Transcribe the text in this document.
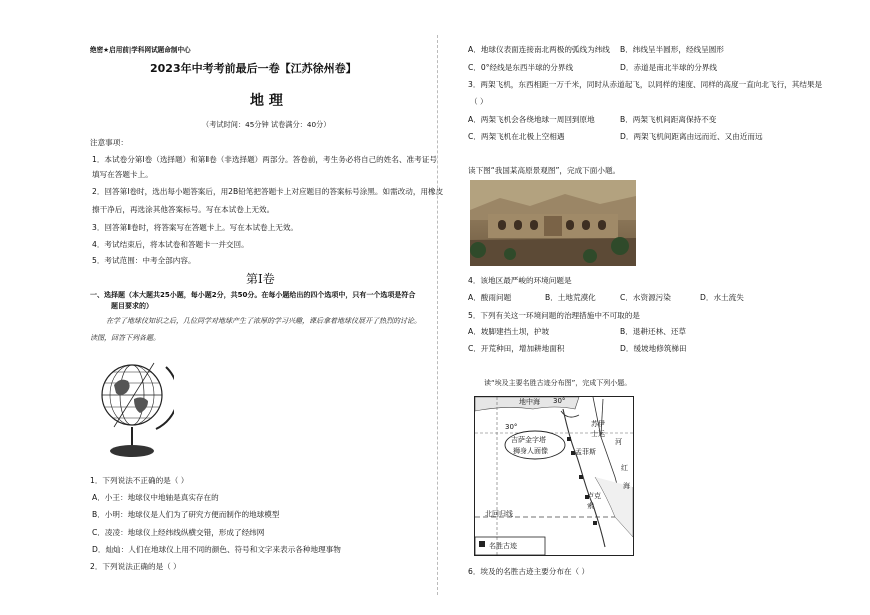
绝密★启用前|学科网试题命制中心
2023年中考考前最后一卷【江苏徐州卷】
地 理
（考试时间：45分钟 试卷满分：40分）
注意事项：
1．本试卷分第Ⅰ卷（选择题）和第Ⅱ卷（非选择题）两部分。答卷前，考生务必将自己的姓名、准考证号
填写在答题卡上。
2．回答第Ⅰ卷时，选出每小题答案后，用2B铅笔把答题卡上对应题目的答案标号涂黑。如需改动，用橡皮
擦干净后，再选涂其他答案标号。写在本试卷上无效。
3．回答第Ⅱ卷时，将答案写在答题卡上。写在本试卷上无效。
4．考试结束后，将本试卷和答题卡一并交回。
5．考试范围：中考全部内容。
第Ⅰ卷
一、选择题（本大题共25小题，每小题2分，共50分。在每小题给出的四个选项中，只有一个选项是符合
题目要求的）
在学了地球仪知识之后，几位同学对地球产生了浓厚的学习兴趣，课后拿着地球仪展开了热烈的讨论。
读图，回答下列各题。
1．下列说法不正确的是（ ）
A．小王：地球仪中地轴是真实存在的
B．小明：地球仪是人们为了研究方便而制作的地球模型
C．凌凌：地球仪上经纬线纵横交错，形成了经纬网
D．灿灿：人们在地球仪上用不同的颜色、符号和文字来表示各种地理事物
2．下列说法正确的是（ ）
A．地球仪表面连接南北两极的弧线为纬线 B．纬线呈半圆形，经线呈圆形
C．0°经线是东西半球的分界线	D．赤道是南北半球的分界线
3．两架飞机，东西相距一万千米，同时从赤道起飞，以同样的速度、同样的高度一直向北飞行，其结果是
（ ）
A．两架飞机会各绕地球一周回到原地	B．两架飞机间距离保持不变
C．两架飞机在北极上空相遇	D．两架飞机间距离由远而近、又由近而远
读下图“我国某高原景观图”，完成下面小题。
4．该地区最严峻的环境问题是
A．酸雨问题	B．土地荒漠化	C．水资源污染	D．水土流失
5．下列有关这一环境问题的治理措施中不可取的是
A．坡脚建挡土坝，护坡	B．退耕还林、还草
C．开荒种田，增加耕地面积	D．缓坡地修筑梯田
读“埃及主要名胜古迹分布图”，完成下列小题。
地中海 30°
30°	苏伊士运
河
吉萨金字塔
狮身人面像	孟菲斯
红
海
卢克索
北回归线
名胜古迹
6．埃及的名胜古迹主要分布在（ ）
